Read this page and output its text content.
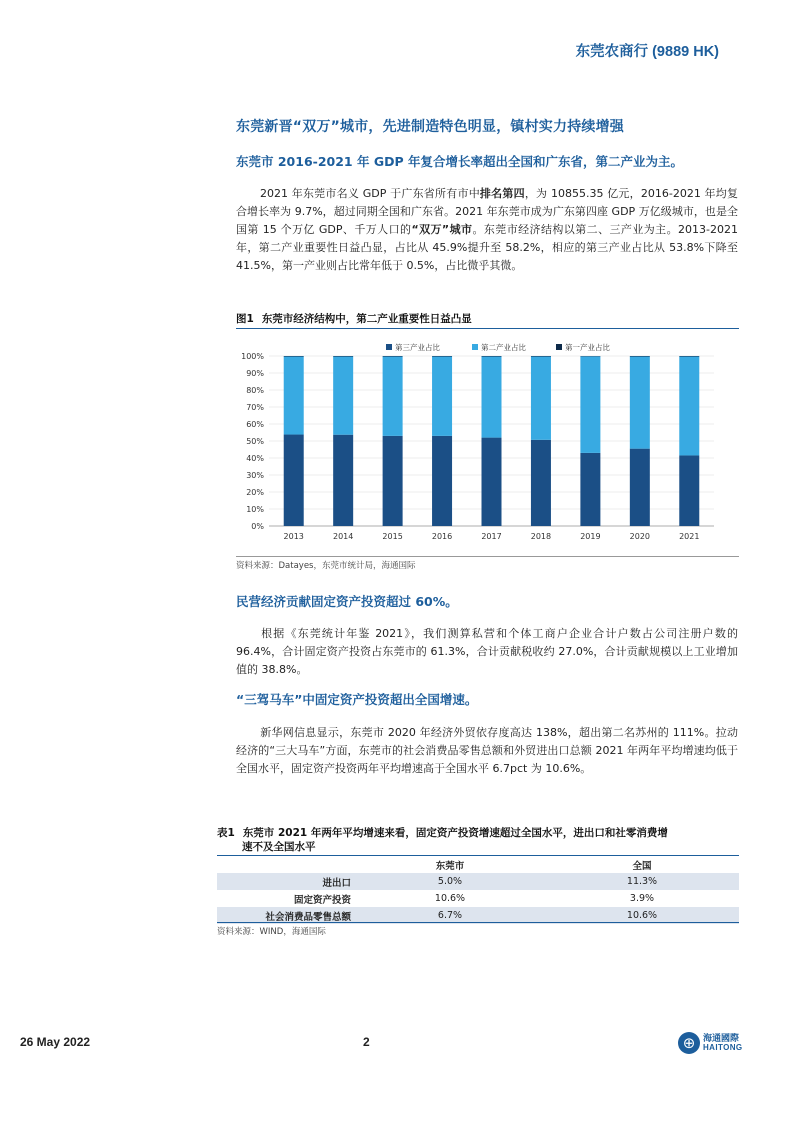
东莞农商行 (9889 HK)
东莞新晋“双万”城市，先进制造特色明显，镇村实力持续增强
东莞市 2016-2021 年 GDP 年复合增长率超出全国和广东省，第二产业为主。
2021 年东莞市名义 GDP 于广东省所有市中排名第四，为 10855.35 亿元，2016-2021 年均复合增长率为 9.7%，超过同期全国和广东省。2021 年东莞市成为广东第四座 GDP 万亿级城市，也是全国第 15 个万亿 GDP、千万人口的“双万”城市。东莞市经济结构以第二、三产业为主。2013-2021 年，第二产业重要性日益凸显，占比从 45.9%提升至 58.2%，相应的第三产业占比从 53.8%下降至 41.5%，第一产业则占比常年低于 0.5%，占比微乎其微。
图1 东莞市经济结构中，第二产业重要性日益凸显
0%
10%
20%
30%
40%
50%
60%
70%
80%
90%
100%
2013	2014	2015	2016	2017	2018	2019	2020	2021
第三产业占比	第二产业占比	第一产业占比
资料来源：Datayes，东莞市统计局，海通国际
民营经济贡献固定资产投资超过 60%。
根据《东莞统计年鉴 2021》，我们测算私营和个体工商户企业合计户数占公司注册户数的 96.4%，合计固定资产投资占东莞市的 61.3%，合计贡献税收约 27.0%，合计贡献规模以上工业增加值的 38.8%。
“三驾马车”中固定资产投资超出全国增速。
新华网信息显示，东莞市 2020 年经济外贸依存度高达 138%，超出第二名苏州的 111%。拉动经济的“三大马车”方面，东莞市的社会消费品零售总额和外贸进出口总额 2021 年两年平均增速均低于全国水平，固定资产投资两年平均增速高于全国水平 6.7pct 为 10.6%。
表1 东莞市 2021 年两年平均增速来看，固定资产投资增速超过全国水平，进出口和社零消费增
速不及全国水平
东莞市	全国
进出口	5.0%	11.3%
固定资产投资	10.6%	3.9%
社会消费品零售总额	6.7%	10.6%
资料来源：WIND，海通国际
26 May 2022	2	⊕ 海通國際
HAITONG
